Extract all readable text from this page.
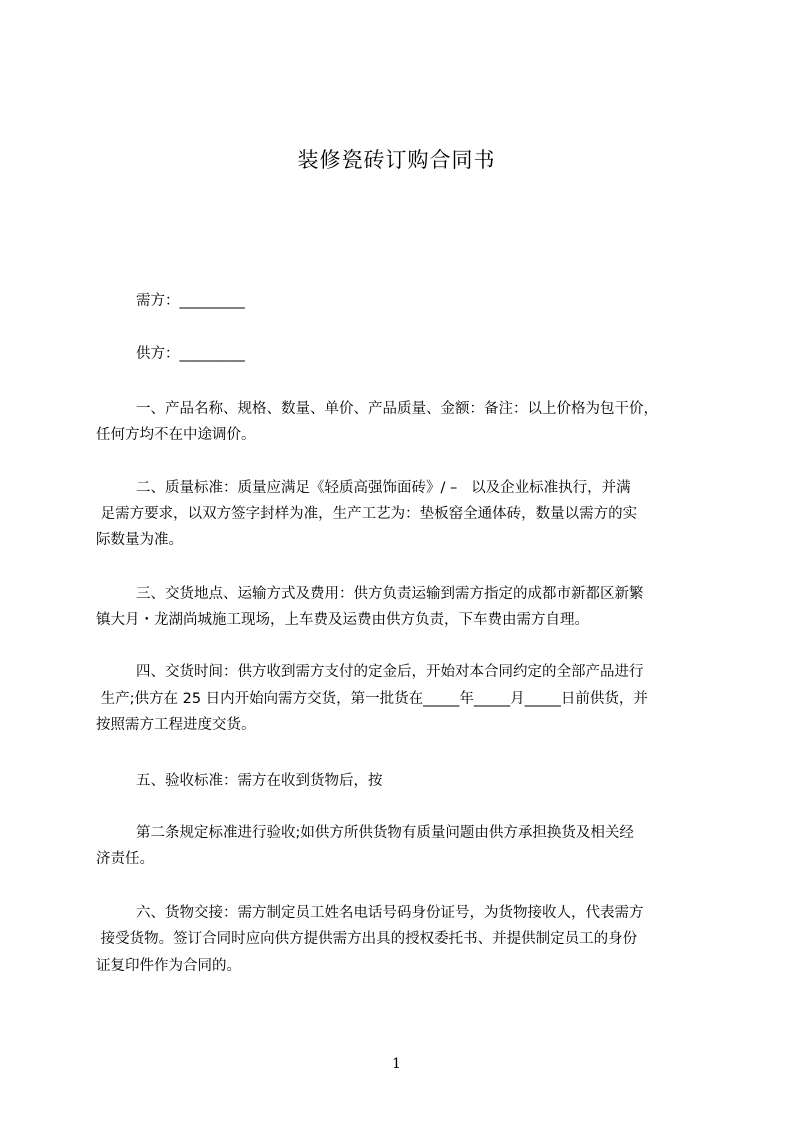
装修瓷砖订购合同书
需方：_________
供方：_________
一、产品名称、规格、数量、单价、产品质量、金额：备注：以上价格为包干价，
任何方均不在中途调价。
二、质量标准：质量应满足《轻质高强饰面砖》/ –   以及企业标准执行，并满
足需方要求，以双方签字封样为准，生产工艺为：垫板窑全通体砖，数量以需方的实
际数量为准。
三、交货地点、运输方式及费用：供方负责运输到需方指定的成都市新都区新繁
镇大月・龙湖尚城施工现场，上车费及运费由供方负责，下车费由需方自理。
四、交货时间：供方收到需方支付的定金后，开始对本合同约定的全部产品进行
生产;供方在 25 日内开始向需方交货，第一批货在_____年_____月_____日前供货，并
按照需方工程进度交货。
五、验收标准：需方在收到货物后，按
第二条规定标准进行验收;如供方所供货物有质量问题由供方承担换货及相关经
济责任。
六、货物交接：需方制定员工姓名电话号码身份证号，为货物接收人，代表需方
接受货物。签订合同时应向供方提供需方出具的授权委托书、并提供制定员工的身份
证复印件作为合同的。
1
